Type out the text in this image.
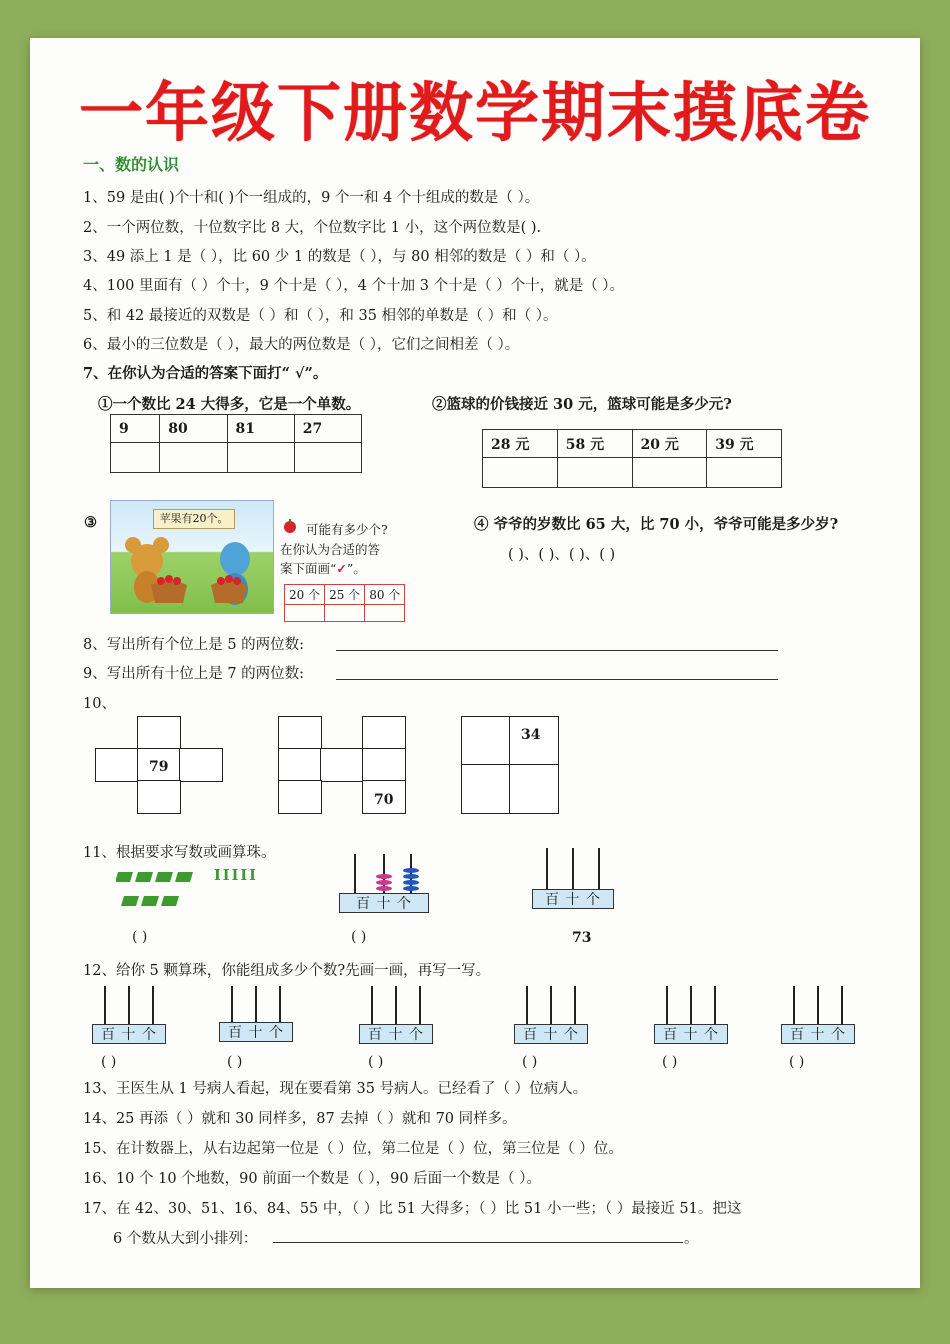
一年级下册数学期末摸底卷
一、数的认识
1、59 是由( )个十和( )个一组成的，9 个一和 4 个十组成的数是（ ）。
2、一个两位数，十位数字比 8 大，个位数字比 1 小，这个两位数是( ).
3、49 添上 1 是（ ），比 60 少 1 的数是（ ），与 80 相邻的数是（ ）和（ ）。
4、100 里面有（ ）个十，9 个十是（ ），4 个十加 3 个十是（ ）个十，就是（ ）。
5、和 42 最接近的双数是（ ）和（ ），和 35 相邻的单数是（ ）和（ ）。
6、最小的三位数是（ ），最大的两位数是（ ），它们之间相差（ ）。
7、在你认为合适的答案下面打“ √”。
①一个数比 24 大得多，它是一个单数。
9	80	81	27

②篮球的价钱接近 30 元，篮球可能是多少元?
28 元	58 元	20 元	39 元

③	苹果有20个。
可能有多少个?
在你认为合适的答
案下面画“✓”。
20 个	25 个	80 个

④ 爷爷的岁数比 65 大，比 70 小，爷爷可能是多少岁?
( )、( )、( )、( )
8、写出所有个位上是 5 的两位数:
9、写出所有十位上是 7 的两位数:
10、
79
70
34
11、根据要求写数或画算珠。
IIIII
百 十 个	百 十 个
( )	( )	73
12、给你 5 颗算珠，你能组成多少个数?先画一画，再写一写。
百 十 个	百 十 个	百 十 个	百 十 个	百 十 个	百 十 个
( )	( )	( )	( )	( )	( )
13、王医生从 1 号病人看起，现在要看第 35 号病人。已经看了（ ）位病人。
14、25 再添（ ）就和 30 同样多，87 去掉（ ）就和 70 同样多。
15、在计数器上，从右边起第一位是（ ）位，第二位是（ ）位，第三位是（ ）位。
16、10 个 10 个地数，90 前面一个数是（ ），90 后面一个数是（ ）。
17、在 42、30、51、16、84、55 中，（ ）比 51 大得多；（ ）比 51 小一些；（ ）最接近 51。把这
6 个数从大到小排列：	。
